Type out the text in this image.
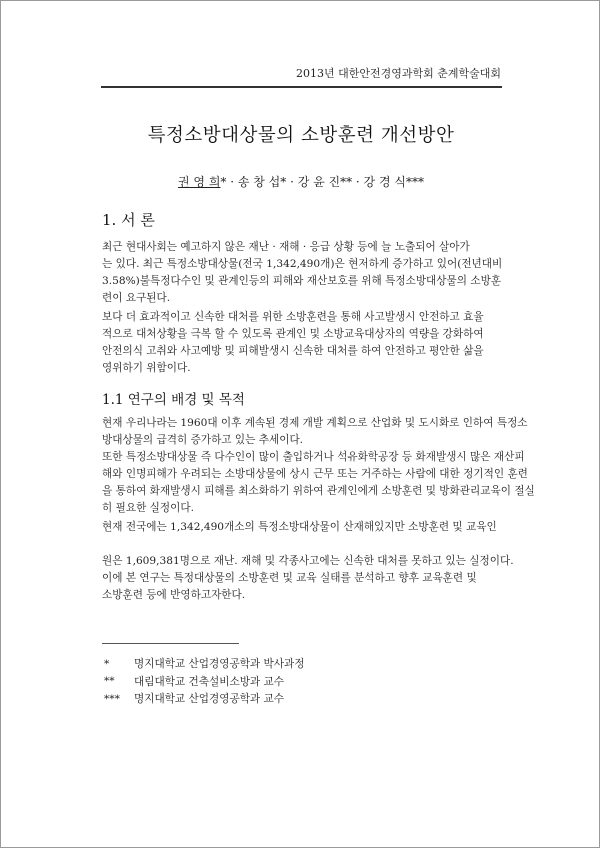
2013년 대한안전경영과학회 춘계학술대회
특정소방대상물의 소방훈련 개선방안
권 영 희* · 송 창 섭* · 강 윤 진** · 강 경 식***
1. 서 론
최근 현대사회는 예고하지 않은 재난 · 재해 · 응급 상황 등에 늘 노출되어 살아가
는 있다. 최근 특정소방대상물(전국 1,342,490개)은 현저하게 증가하고 있어(전년대비
3.58%)불특정다수인 및 관계인등의 피해와 재산보호를 위해 특정소방대상물의 소방훈
련이 요구된다.
보다 더 효과적이고 신속한 대처를 위한 소방훈련을 통해 사고발생시 안전하고 효율
적으로 대처상황을 극복 할 수 있도록 관계인 및 소방교육대상자의 역량을 강화하여
안전의식 고취와 사고예방 및 피해발생시 신속한 대처를 하여 안전하고 평안한 삶을
영위하기 위함이다.
1.1 연구의 배경 및 목적
현재 우리나라는 1960대 이후 계속된 경제 개발 계획으로 산업화 및 도시화로 인하여 특정소
방대상물의 급격히 증가하고 있는 추세이다.
또한 특정소방대상물 즉 다수인이 많이 출입하거나 석유화학공장 등 화재발생시 많은 재산피
해와 인명피해가 우려되는 소방대상물에 상시 근무 또는 거주하는 사람에 대한 정기적인 훈련
을 통하여 화재발생시 피해를 최소화하기 위하여 관계인에게 소방훈련 및 방화관리교육이 절실
히 필요한 실정이다.
현재 전국에는 1,342,490개소의 특정소방대상물이 산재해있지만 소방훈련 및 교육인
원은 1,609,381명으로 재난. 재해 및 각종사고에는 신속한 대처를 못하고 있는 실정이다.
이에 본 연구는 특정대상물의 소방훈련 및 교육 실태를 분석하고 향후 교육훈련 및
소방훈련 등에 반영하고자한다.
*	명지대학교 산업경영공학과 박사과정
**	대림대학교 건축설비소방과 교수
***	명지대학교 산업경영공학과 교수
